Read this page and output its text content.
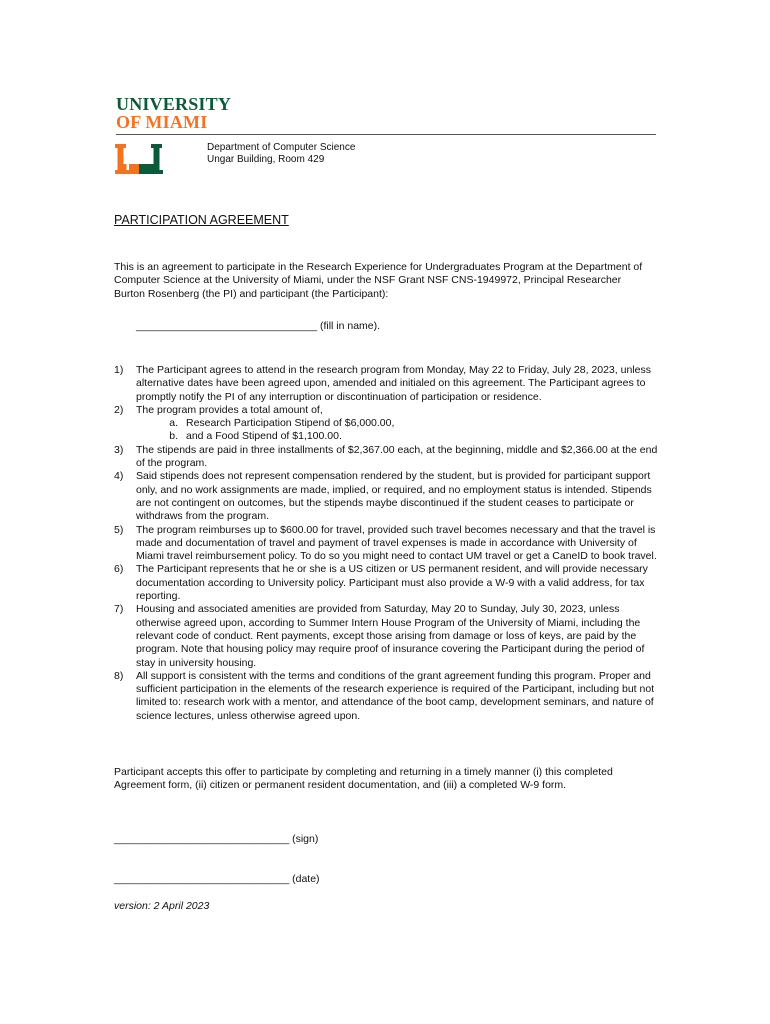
UNIVERSITY
OF MIAMI
Department of Computer Science
Ungar Building, Room 429
PARTICIPATION AGREEMENT
This is an agreement to participate in the Research Experience for Undergraduates Program at the Department of Computer Science at the University of Miami, under the NSF Grant NSF CNS-1949972, Principal Researcher Burton Rosenberg (the PI) and participant (the Participant):
_______________________________ (fill in name).
1)	The Participant agrees to attend in the research program from Monday, May 22 to Friday, July 28, 2023, unless alternative dates have been agreed upon, amended and initialed on this agreement. The Participant agrees to promptly notify the PI of any interruption or discontinuation of participation or residence.
2)	The program provides a total amount of,
a. Research Participation Stipend of $6,000.00,
b. and a Food Stipend of $1,100.00.
3)	The stipends are paid in three installments of $2,367.00 each, at the beginning, middle and $2,366.00 at the end of the program.
4)	Said stipends does not represent compensation rendered by the student, but is provided for participant support only, and no work assignments are made, implied, or required, and no employment status is intended. Stipends are not contingent on outcomes, but the stipends maybe discontinued if the student ceases to participate or withdraws from the program.
5)	The program reimburses up to $600.00 for travel, provided such travel becomes necessary and that the travel is made and documentation of travel and payment of travel expenses is made in accordance with University of Miami travel reimbursement policy. To do so you might need to contact UM travel or get a CaneID to book travel.
6)	The Participant represents that he or she is a US citizen or US permanent resident, and will provide necessary documentation according to University policy. Participant must also provide a W-9 with a valid address, for tax reporting.
7)	Housing and associated amenities are provided from Saturday, May 20 to Sunday, July 30, 2023, unless otherwise agreed upon, according to Summer Intern House Program of the University of Miami, including the relevant code of conduct. Rent payments, except those arising from damage or loss of keys, are paid by the program. Note that housing policy may require proof of insurance covering the Participant during the period of stay in university housing.
8)	All support is consistent with the terms and conditions of the grant agreement funding this program. Proper and sufficient participation in the elements of the research experience is required of the Participant, including but not limited to: research work with a mentor, and attendance of the boot camp, development seminars, and nature of science lectures, unless otherwise agreed upon.
Participant accepts this offer to participate by completing and returning in a timely manner (i) this completed Agreement form, (ii) citizen or permanent resident documentation, and (iii) a completed W-9 form.
______________________________ (sign)
______________________________ (date)
version: 2 April 2023
